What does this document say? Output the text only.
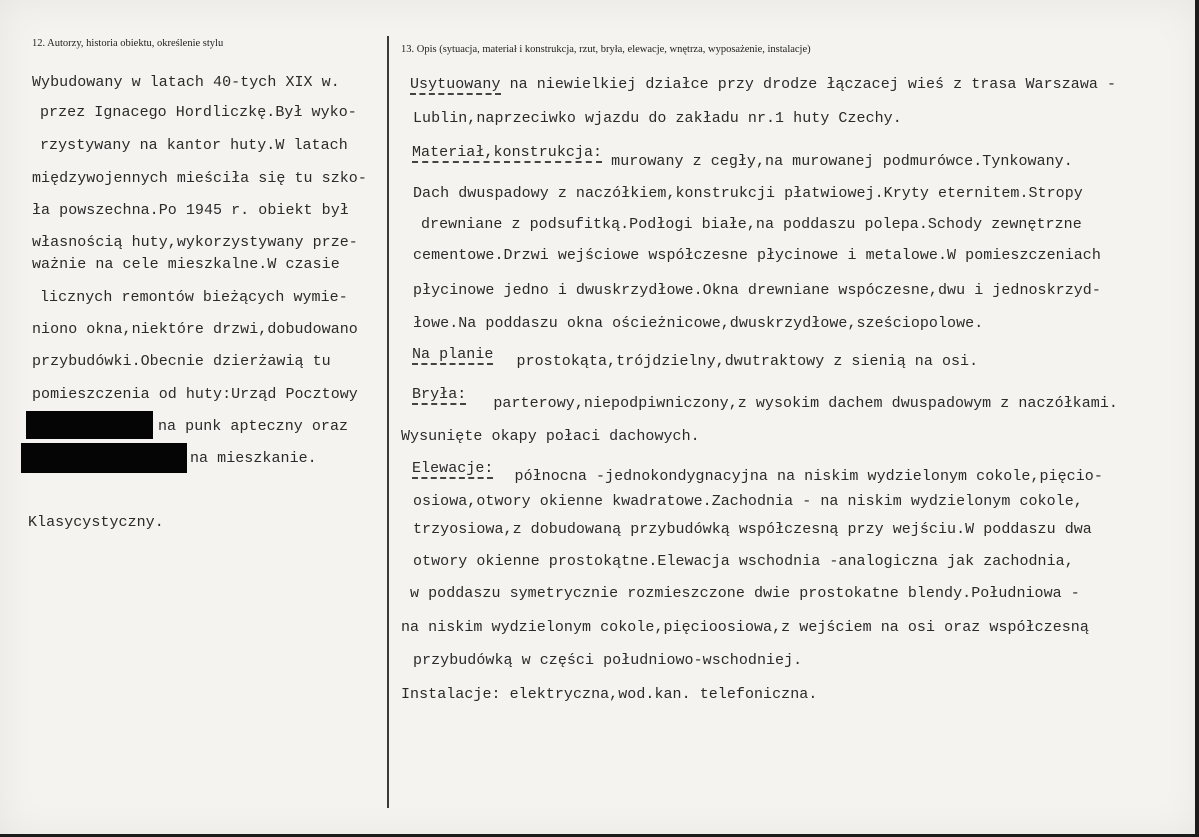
12. Autorzy, historia obiektu, określenie stylu
Wybudowany w latach 40-tych XIX w.
przez Ignacego Hordliczkę.Był wyko-
rzystywany na kantor huty.W latach
międzywojennych mieściła się tu szko-
ła powszechna.Po 1945 r. obiekt był
własnością huty,wykorzystywany prze-
ważnie na cele mieszkalne.W czasie
licznych remontów bieżących wymie-
niono okna,niektóre drzwi,dobudowano
przybudówki.Obecnie dzierżawią tu
pomieszczenia od huty:Urząd Pocztowy
na punk apteczny oraz
na mieszkanie.
Klasycystyczny.
13. Opis (sytuacja, materiał i konstrukcja, rzut, bryła, elewacje, wnętrza, wyposażenie, instalacje)
Usytuowany na niewielkiej działce przy drodze łączacej wieś z trasa Warszawa -
Lublin,naprzeciwko wjazdu do zakładu nr.1 huty Czechy.
Materiał,konstrukcja: murowany z cegły,na murowanej podmurówce.Tynkowany.
Dach dwuspadowy z naczółkiem,konstrukcji płatwiowej.Kryty eternitem.Stropy
drewniane z podsufitką.Podłogi białe,na poddaszu polepa.Schody zewnętrzne
cementowe.Drzwi wejściowe współczesne płycinowe i metalowe.W pomieszczeniach
płycinowe jedno i dwuskrzydłowe.Okna drewniane wspóczesne,dwu i jednoskrzyd-
łowe.Na poddaszu okna ościeżnicowe,dwuskrzydłowe,sześciopolowe.
Na planie prostokąta,trójdzielny,dwutraktowy z sienią na osi.
Bryła: parterowy,niepodpiwniczony,z wysokim dachem dwuspadowym z naczółkami.
Wysunięte okapy połaci dachowych.
Elewacje: północna -jednokondygnacyjna na niskim wydzielonym cokole,pięcio-
osiowa,otwory okienne kwadratowe.Zachodnia - na niskim wydzielonym cokole,
trzyosiowa,z dobudowaną przybudówką współczesną przy wejściu.W poddaszu dwa
otwory okienne prostokątne.Elewacja wschodnia -analogiczna jak zachodnia,
w poddaszu symetrycznie rozmieszczone dwie prostokatne blendy.Południowa -
na niskim wydzielonym cokole,pięcioosiowa,z wejściem na osi oraz współczesną
przybudówką w części południowo-wschodniej.
Instalacje: elektryczna,wod.kan. telefoniczna.
